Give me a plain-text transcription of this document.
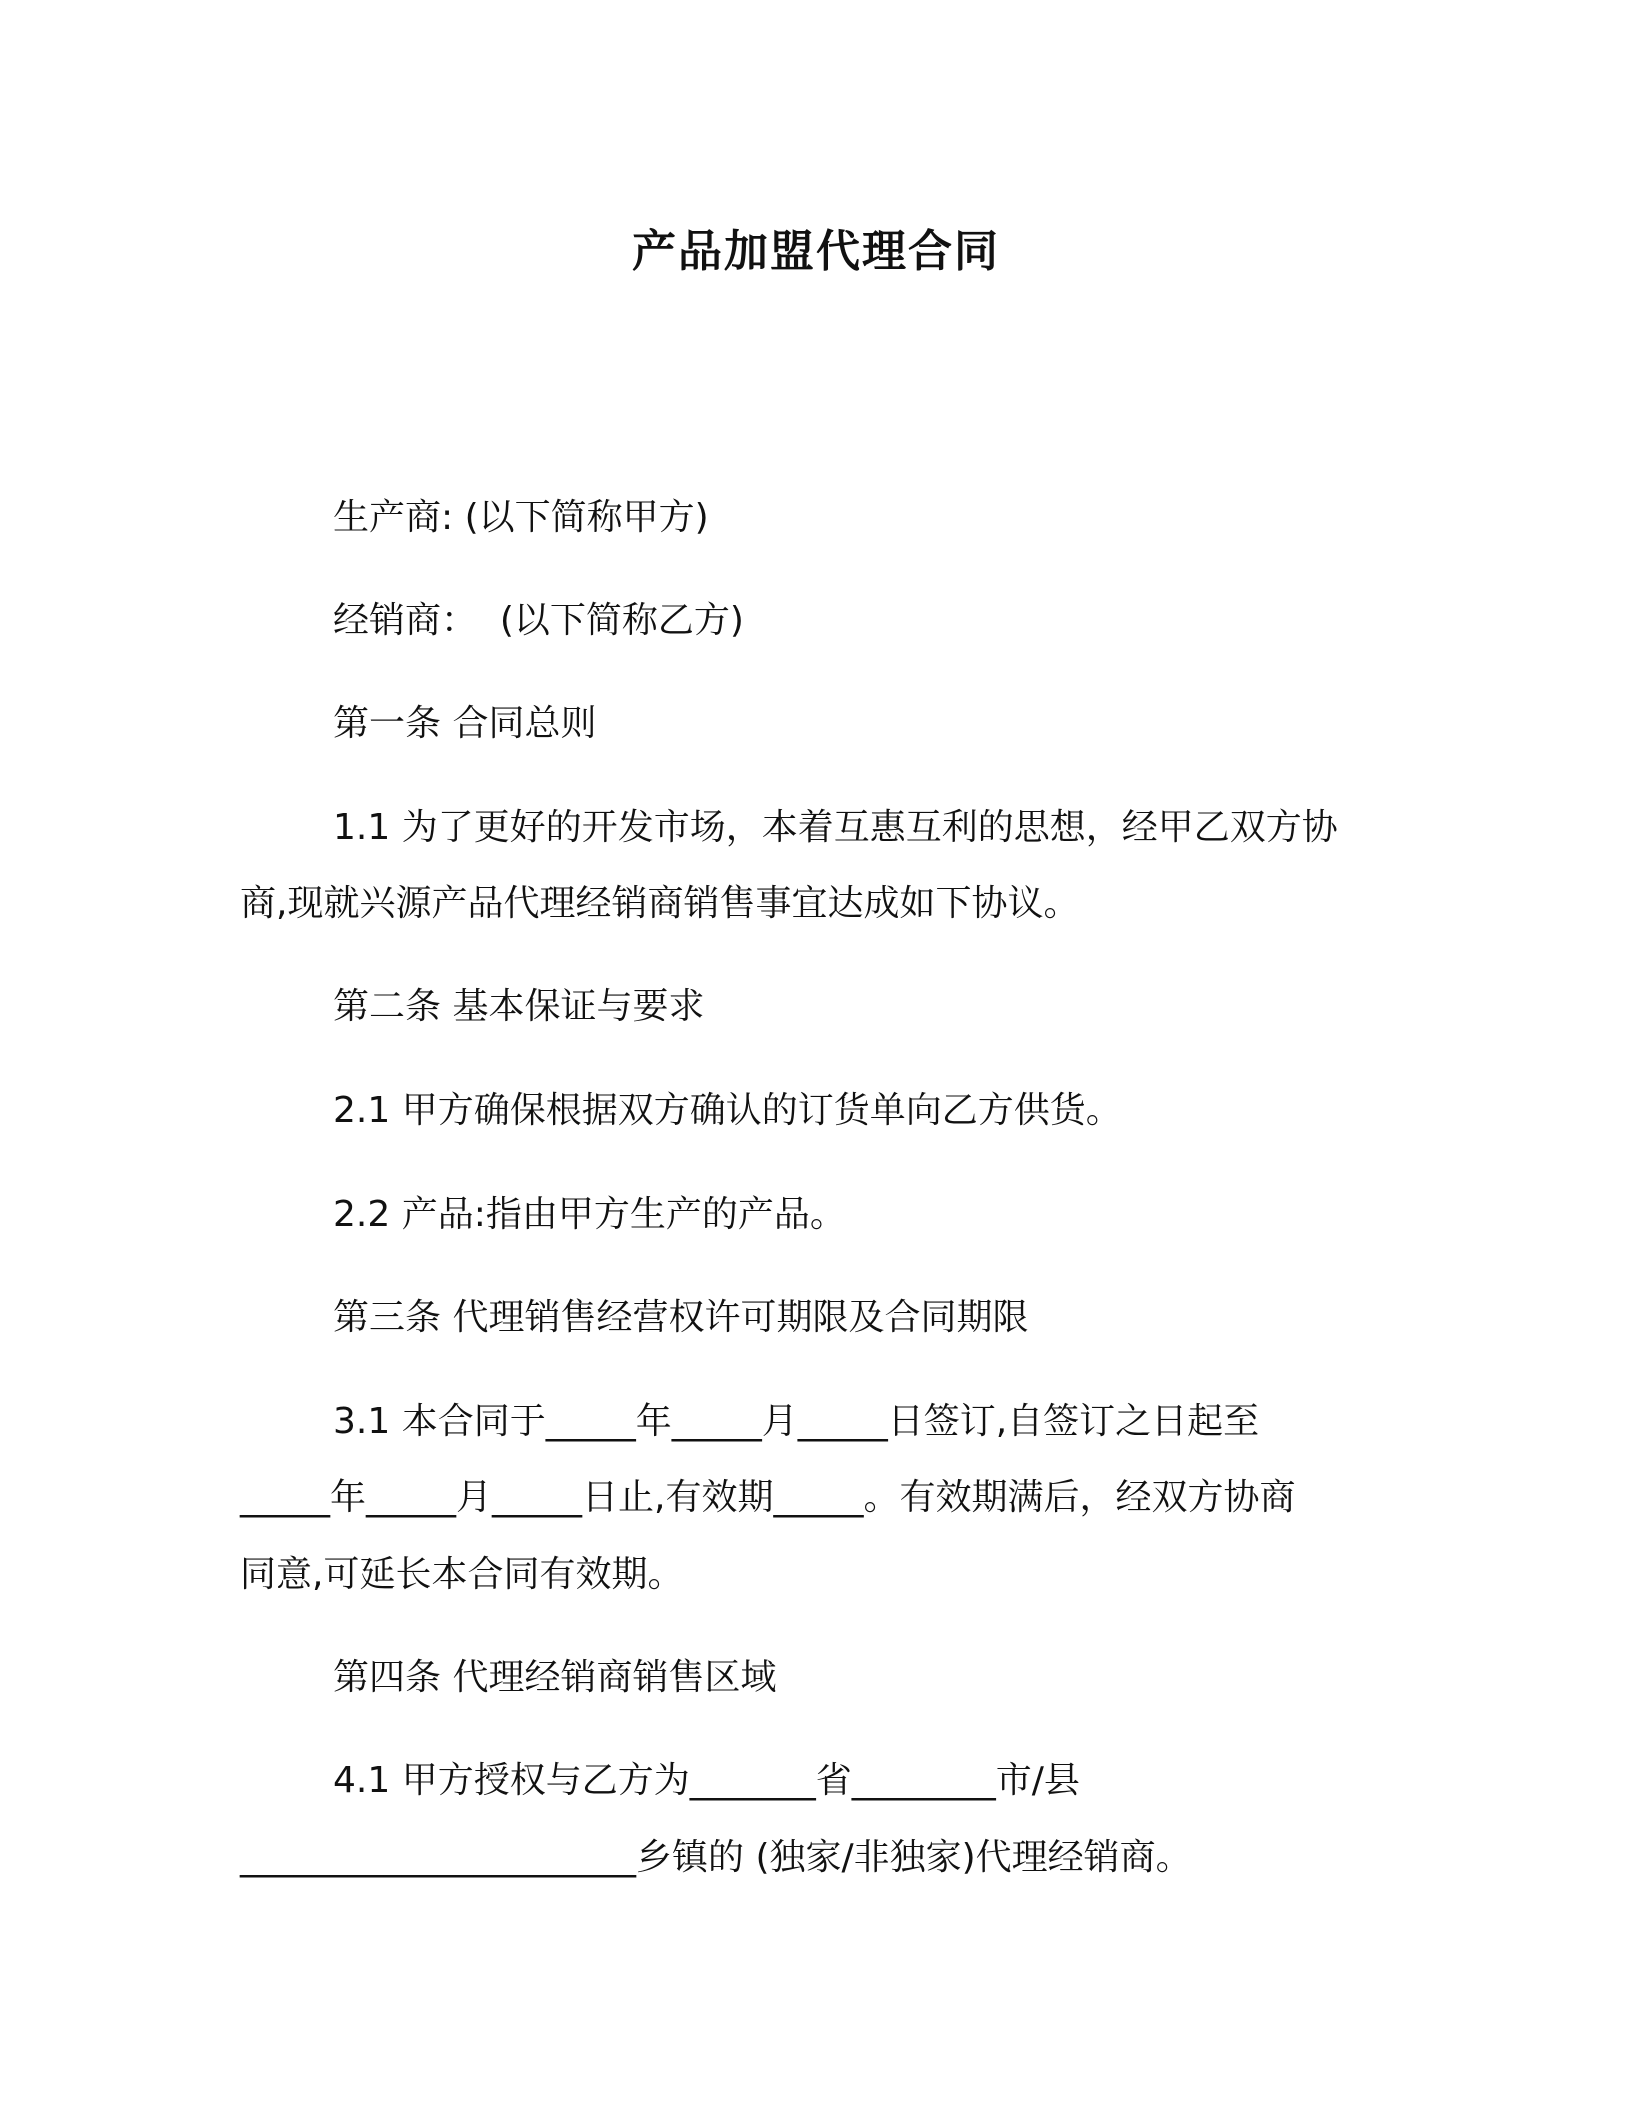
产品加盟代理合同
生产商: (以下简称甲方)
经销商：  (以下简称乙方)
第一条 合同总则
1.1 为了更好的开发市场，本着互惠互利的思想，经甲乙双方协
商,现就兴源产品代理经销商销售事宜达成如下协议。
第二条 基本保证与要求
2.1 甲方确保根据双方确认的订货单向乙方供货。
2.2 产品:指由甲方生产的产品。
第三条 代理销售经营权许可期限及合同期限
3.1 本合同于_____年_____月_____日签订,自签订之日起至
_____年_____月_____日止,有效期_____。有效期满后，经双方协商
同意,可延长本合同有效期。
第四条 代理经销商销售区域
4.1 甲方授权与乙方为_______省________市/县
______________________乡镇的 (独家/非独家)代理经销商。
